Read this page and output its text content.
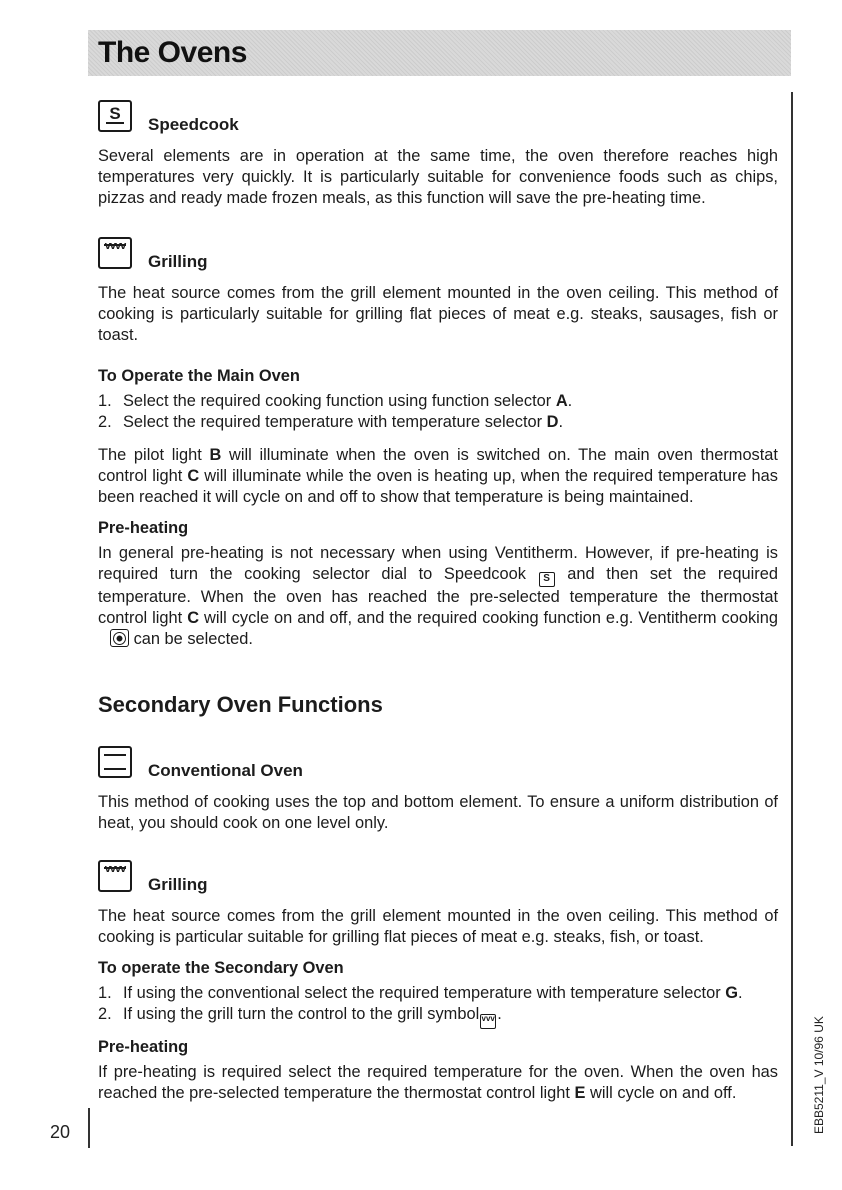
The Ovens
20	EBB5211_V 10/96 UK
S
Speedcook

Several elements are in operation at the same time, the oven therefore reaches high temperatures very quickly. It is particularly suitable for convenience foods such as chips, pizzas and ready made frozen meals, as this function will save the pre-heating time.

vvvv
Grilling

The heat source comes from the grill element mounted in the oven ceiling. This method of cooking is particularly suitable for grilling flat pieces of meat e.g. steaks, sausages, fish or toast.

To Operate the Main Oven
1. Select the required cooking function using function selector A.
2. Select the required temperature with temperature selector D.

The pilot light B will illuminate when the oven is switched on. The main oven thermostat control light C will illuminate while the oven is heating up, when the required temperature has been reached it will cycle on and off to show that temperature is being maintained.

Pre-heating

In general pre-heating is not necessary when using Ventitherm. However, if pre-heating is required turn the cooking selector dial to Speedcook S and then set the required temperature. When the oven has reached the pre-selected temperature the thermostat control light C will cycle on and off, and the required cooking function e.g. Ventitherm cooking can be selected.

Secondary Oven Functions
Conventional Oven

This method of cooking uses the top and bottom element. To ensure a uniform distribution of heat, you should cook on one level only.

vvvv
Grilling

The heat source comes from the grill element mounted in the oven ceiling. This method of cooking is particular suitable for grilling flat pieces of meat e.g. steaks, fish, or toast.

To operate the Secondary Oven
1. If using the conventional select the required temperature with temperature selector G.
2. If using the grill turn the control to the grill symbol vvv .
Pre-heating

If pre-heating is required select the required temperature for the oven. When the oven has reached the pre-selected temperature the thermostat control light E will cycle on and off.
